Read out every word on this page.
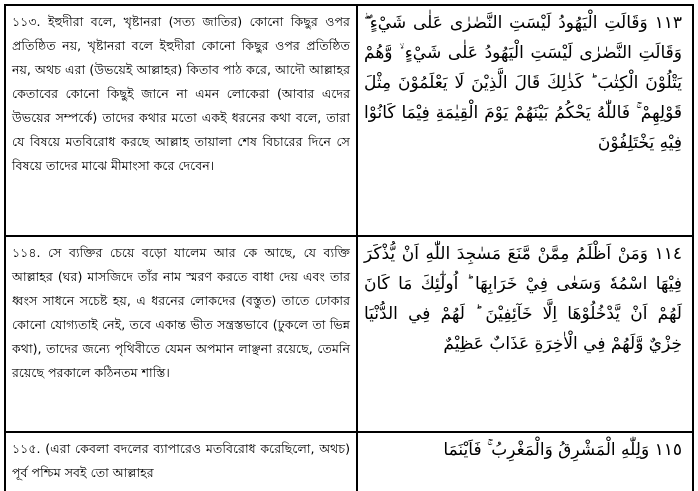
১১৩. ইহুদীরা বলে, খৃষ্টানরা (সত্য জাতির) কোনো কিছুর ওপর প্রতিষ্ঠিত নয়, খৃষ্টানরা বলে ইহুদীরা কোনো কিছুর ওপর প্রতিষ্ঠিত নয়, অথচ এরা (উভয়েই আল্লাহর) কিতাব পাঠ করে, আদৌ আল্লাহর কেতাবের কোনো কিছুই জানে না এমন লোকেরা (আবার এদের উভয়ের সম্পর্কে) তাদের কথার মতো একই ধরনের কথা বলে, তারা যে বিষয়ে মতবিরোধ করছে আল্লাহ তায়ালা শেষ বিচারের দিনে সে বিষয়ে তাদের মাঝে মীমাংসা করে দেবেন।
١١٣ وَقَالَتِ الْيَهُودُ لَيْسَتِ النَّصٰرٰى عَلٰى شَيْءٍ ۖ وَقَالَتِ النَّصٰرٰى لَيْسَتِ الْيَهُودُ عَلٰى شَيْءٍ ۙ وَّهُمْ يَتْلُوْنَ الْكِتٰبَ ؕ كَذٰلِكَ قَالَ الَّذِيْنَ لَا يَعْلَمُوْنَ مِثْلَ قَوْلِهِمْ ۚ فَاللّٰهُ يَحْكُمُ بَيْنَهُمْ يَوْمَ الْقِيٰمَةِ فِيْمَا كَانُوْا فِيْهِ يَخْتَلِفُوْنَ
১১৪. সে ব্যক্তির চেয়ে বড়ো যালেম আর কে আছে, যে ব্যক্তি আল্লাহর (ঘর) মাসজিদে তাঁর নাম স্মরণ করতে বাধা দেয় এবং তার ধ্বংস সাধনে সচেষ্ট হয়, এ ধরনের লোকদের (বস্তুত) তাতে ঢোকার কোনো যোগ্যতাই নেই, তবে একান্ত ভীত সন্ত্রস্তভাবে (ঢুকলে তা ভিন্ন কথা), তাদের জন্যে পৃথিবীতে যেমন অপমান লাঞ্ছনা রয়েছে, তেমনি রয়েছে পরকালে কঠিনতম শাস্তি।
١١٤ وَمَنْ اَظْلَمُ مِمَّنْ مَّنَعَ مَسٰجِدَ اللّٰهِ اَنْ يُّذْكَرَ فِيْهَا اسْمُهٗ وَسَعٰى فِيْ خَرَابِهَا ؕ اُولٰٓئِكَ مَا كَانَ لَهُمْ اَنْ يَّدْخُلُوْهَا اِلَّا خَآئِفِيْنَ ؕ لَهُمْ فِي الدُّنْيَا خِزْيٌ وَّلَهُمْ فِي الْاٰخِرَةِ عَذَابٌ عَظِيْمٌ
১১৫. (এরা কেবলা বদলের ব্যাপারেও মতবিরোধ করেছিলো, অথচ) পূর্ব পশ্চিম সবই তো আল্লাহর
١١٥ وَلِلّٰهِ الْمَشْرِقُ وَالْمَغْرِبُ ۚ فَاَيْنَمَا
